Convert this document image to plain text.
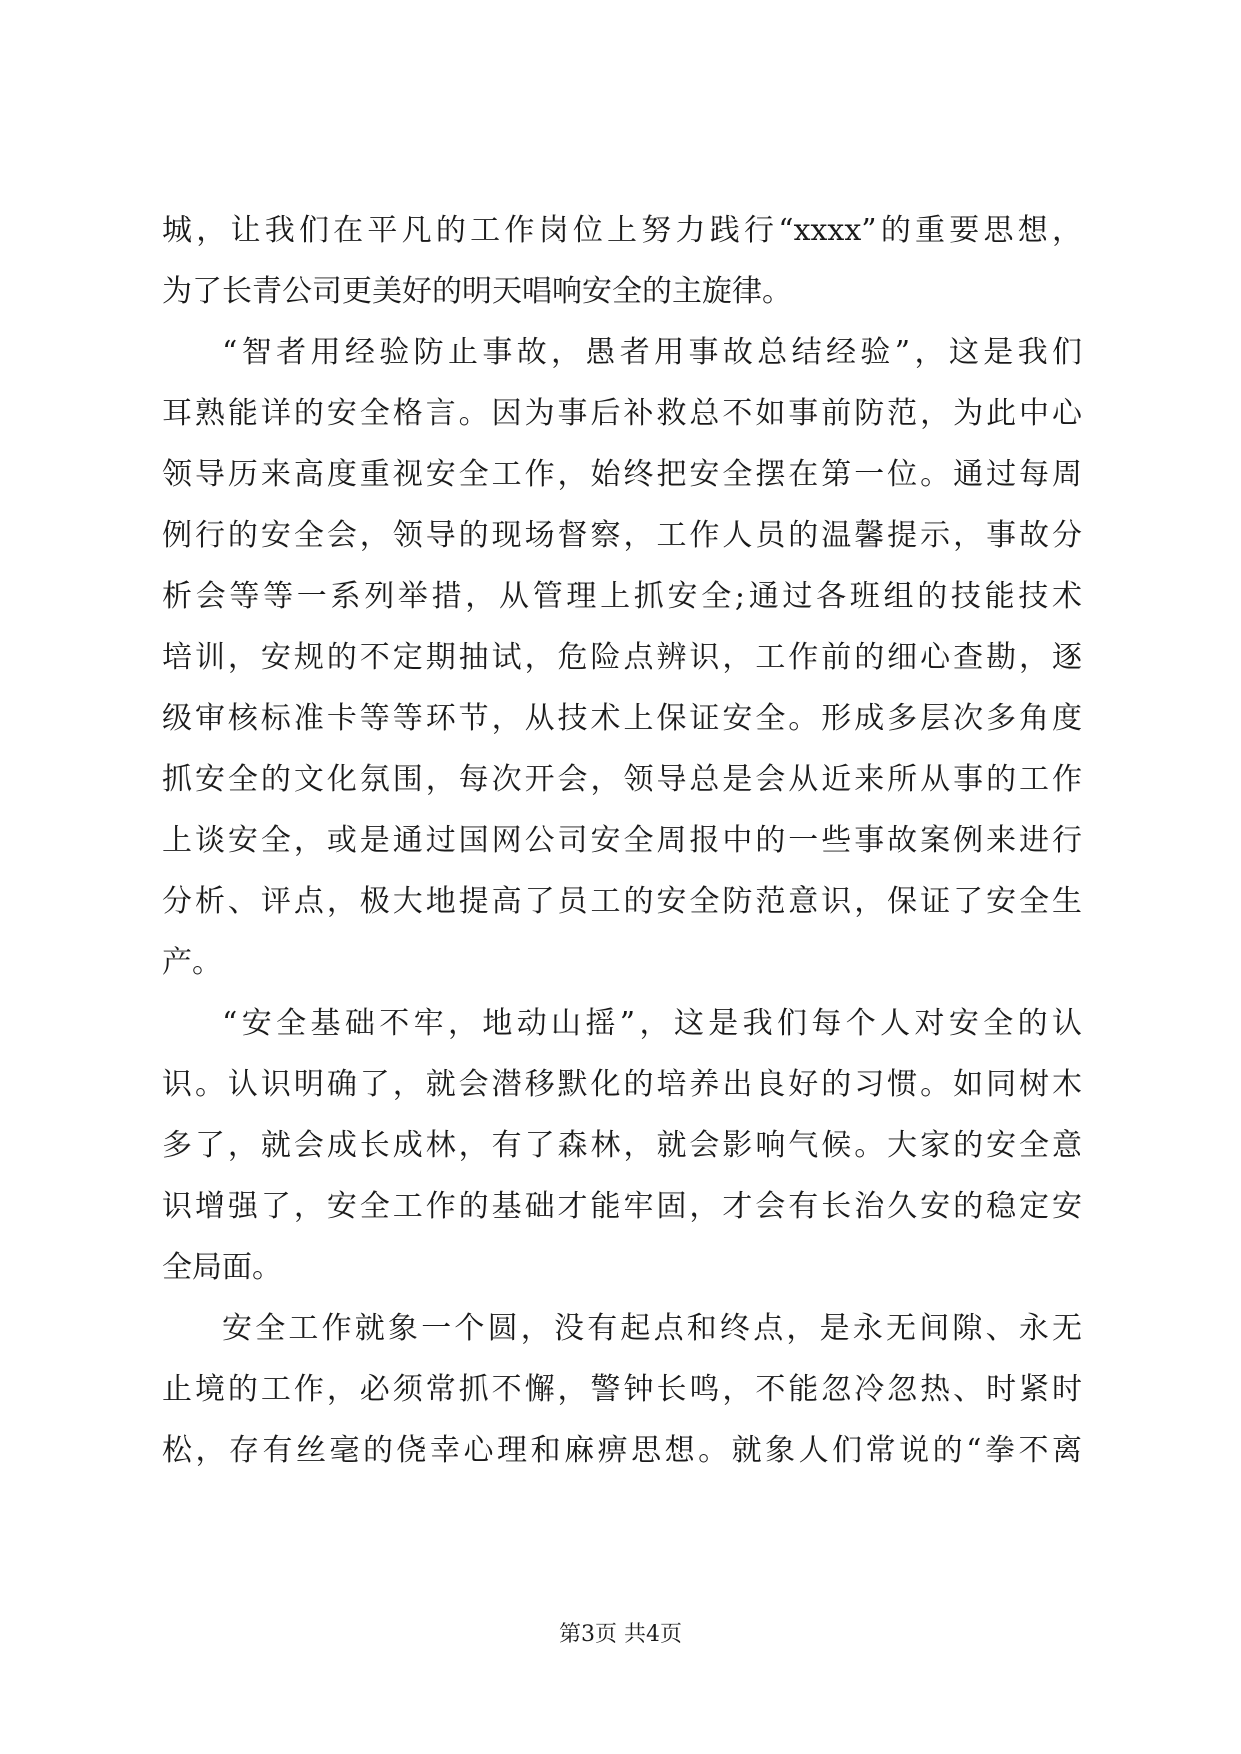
城，让我们在平凡的工作岗位上努力践行“xxxx”的重要思想，
为了长青公司更美好的明天唱响安全的主旋律。
“智者用经验防止事故，愚者用事故总结经验”，这是我们
耳熟能详的安全格言。因为事后补救总不如事前防范，为此中心
领导历来高度重视安全工作，始终把安全摆在第一位。通过每周
例行的安全会，领导的现场督察，工作人员的温馨提示，事故分
析会等等一系列举措，从管理上抓安全;通过各班组的技能技术
培训，安规的不定期抽试，危险点辨识，工作前的细心查勘，逐
级审核标准卡等等环节，从技术上保证安全。形成多层次多角度
抓安全的文化氛围，每次开会，领导总是会从近来所从事的工作
上谈安全，或是通过国网公司安全周报中的一些事故案例来进行
分析、评点，极大地提高了员工的安全防范意识，保证了安全生
产。
“安全基础不牢，地动山摇”，这是我们每个人对安全的认
识。认识明确了，就会潜移默化的培养出良好的习惯。如同树木
多了，就会成长成林，有了森林，就会影响气候。大家的安全意
识增强了，安全工作的基础才能牢固，才会有长治久安的稳定安
全局面。
安全工作就象一个圆，没有起点和终点，是永无间隙、永无
止境的工作，必须常抓不懈，警钟长鸣，不能忽冷忽热、时紧时
松，存有丝毫的侥幸心理和麻痹思想。就象人们常说的“拳不离
第3页 共4页
